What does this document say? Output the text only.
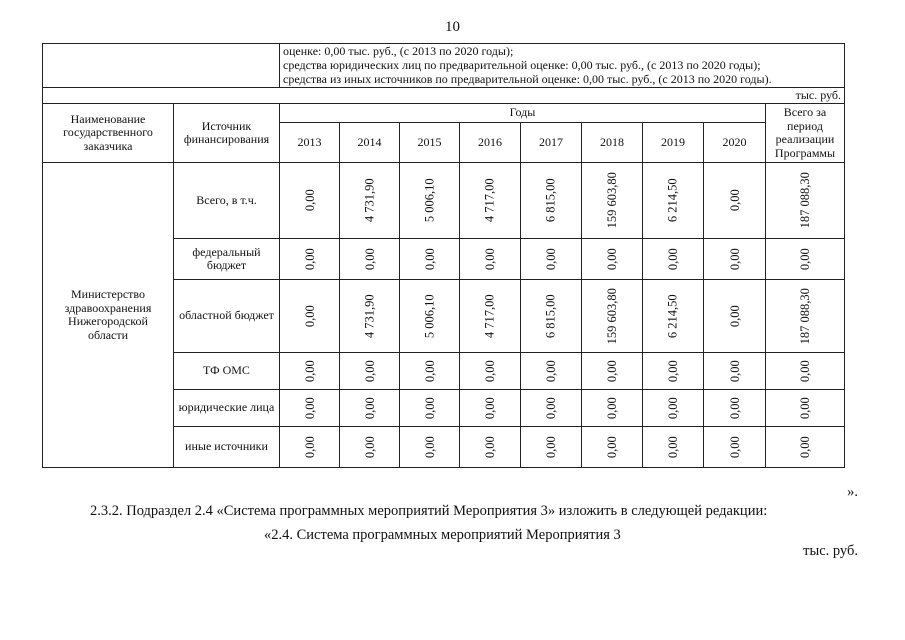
10

		оценке: 0,00 тыс. руб., (с 2013 по 2020 годы);
средства юридических лиц по предварительной оценке: 0,00 тыс. руб., (с 2013 по 2020 годы);
средства из иных источников по предварительной оценке: 0,00 тыс. руб., (с 2013 по 2020 годы).								

тыс. руб.										
Наименование государственного заказчика	Источник финансирования	Годы								Всего за период реализации Программы
		2013	2014	2015	2016	2017	2018	2019	2020	
Министерство здравоохранения Нижегородской области	Всего, в т.ч.	0,00	4 731,90	5 006,10	4 717,00	6 815,00	159 603,80	6 214,50	0,00	187 088,30
	федеральный бюджет	0,00	0,00	0,00	0,00	0,00	0,00	0,00	0,00	0,00
	областной бюджет	0,00	4 731,90	5 006,10	4 717,00	6 815,00	159 603,80	6 214,50	0,00	187 088,30
	ТФ ОМС	0,00	0,00	0,00	0,00	0,00	0,00	0,00	0,00	0,00
	юридические лица	0,00	0,00	0,00	0,00	0,00	0,00	0,00	0,00	0,00
	иные источники	0,00	0,00	0,00	0,00	0,00	0,00	0,00	0,00	0,00
».
2.3.2. Подраздел 2.4 «Система программных мероприятий Мероприятия 3» изложить в следующей редакции:
«2.4. Система программных мероприятий Мероприятия 3
тыс. руб.
